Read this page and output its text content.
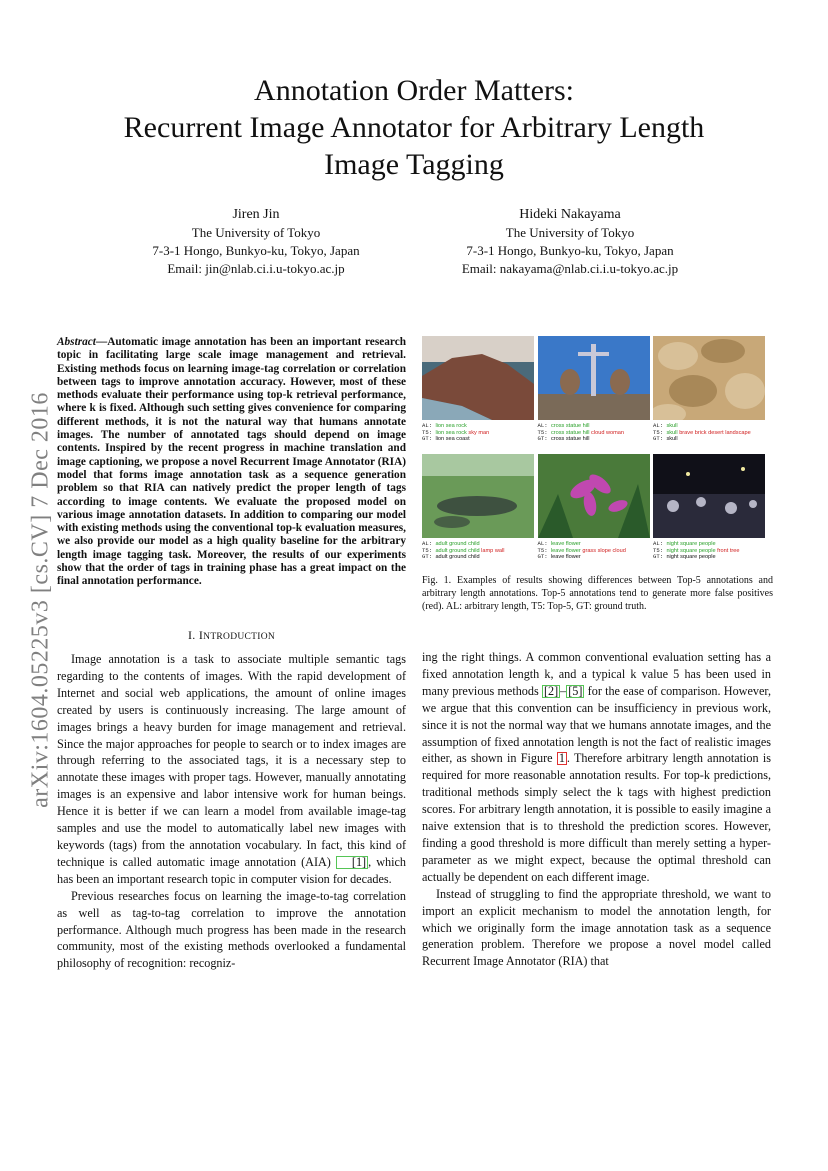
Annotation Order Matters:
Recurrent Image Annotator for Arbitrary Length
Image Tagging
Jiren Jin
The University of Tokyo
7-3-1 Hongo, Bunkyo-ku, Tokyo, Japan
Email: jin@nlab.ci.i.u-tokyo.ac.jp
Hideki Nakayama
The University of Tokyo
7-3-1 Hongo, Bunkyo-ku, Tokyo, Japan
Email: nakayama@nlab.ci.i.u-tokyo.ac.jp
arXiv:1604.05225v3 [cs.CV] 7 Dec 2016
Abstract—Automatic image annotation has been an important research topic in facilitating large scale image management and retrieval. Existing methods focus on learning image-tag correlation or correlation between tags to improve annotation accuracy. However, most of these methods evaluate their performance using top-k retrieval performance, where k is fixed. Although such setting gives convenience for comparing different methods, it is not the natural way that humans annotate images. The number of annotated tags should depend on image contents. Inspired by the recent progress in machine translation and image captioning, we propose a novel Recurrent Image Annotator (RIA) model that forms image annotation task as a sequence generation problem so that RIA can natively predict the proper length of tags according to image contents. We evaluate the proposed model on various image annotation datasets. In addition to comparing our model with existing methods using the conventional top-k evaluation measures, we also provide our model as a high quality baseline for the arbitrary length image tagging task. Moreover, the results of our experiments show that the order of tags in training phase has a great impact on the final annotation performance.
AL: lion sea rock
T5: lion sea rock sky man
GT: lion sea coast
AL: cross statue hill
T5: cross statue hill cloud woman
GT: cross statue hill
AL: skull
T5: skull brave brick desert landscape
GT: skull
AL: adult ground child
T5: adult ground child lamp wall
GT: adult ground child
AL: leave flower
T5: leave flower grass slope cloud
GT: leave flower
AL: night square people
T5: night square people front tree
GT: night square people
Fig. 1. Examples of results showing differences between Top-5 annotations and arbitrary length annotations. Top-5 annotations tend to generate more false positives (red). AL: arbitrary length, T5: Top-5, GT: ground truth.
I. INTRODUCTION

Image annotation is a task to associate multiple semantic tags regarding to the contents of images. With the rapid development of Internet and social web applications, the amount of online images created by users is continuously increasing. The large amount of images brings a heavy burden for image management and retrieval. Since the major approaches for people to search or to index images are through referring to the associated tags, it is a necessary step to annotate these images with proper tags. However, manually annotating images is an expensive and labor intensive work for human beings. Hence it is better if we can learn a model from available image-tag samples and use the model to automatically label new images with keywords (tags) from the annotation vocabulary. In fact, this kind of technique is called automatic image annotation (AIA) [1] , which has been an important research topic in computer vision for decades.

Previous researches focus on learning the image-to-tag correlation as well as tag-to-tag correlation to improve the annotation performance. Although much progress has been made in the research community, most of the existing methods overlooked a fundamental philosophy of recognition: recogniz-

ing the right things. A common conventional evaluation setting has a fixed annotation length k, and a typical k value 5 has been used in many previous methods [2] – [5] for the ease of comparison. However, we argue that this convention can be insufficiency in previous work, since it is not the normal way that we humans annotate images, and the assumption of fixed annotation length is not the fact of realistic images either, as shown in Figure 1 . Therefore arbitrary length annotation is required for more reasonable annotation results. For top-k predictions, traditional methods simply select the k tags with highest prediction scores. For arbitrary length annotation, it is possible to easily imagine a naive extension that is to threshold the prediction scores. However, finding a good threshold is more difficult than merely setting a hyper-parameter as we might expect, because the optimal threshold can actually be dependent on each different image.

Instead of struggling to find the appropriate threshold, we want to import an explicit mechanism to model the annotation length, for which we originally form the image annotation task as a sequence generation problem. Therefore we propose a novel model called Recurrent Image Annotator (RIA) that
